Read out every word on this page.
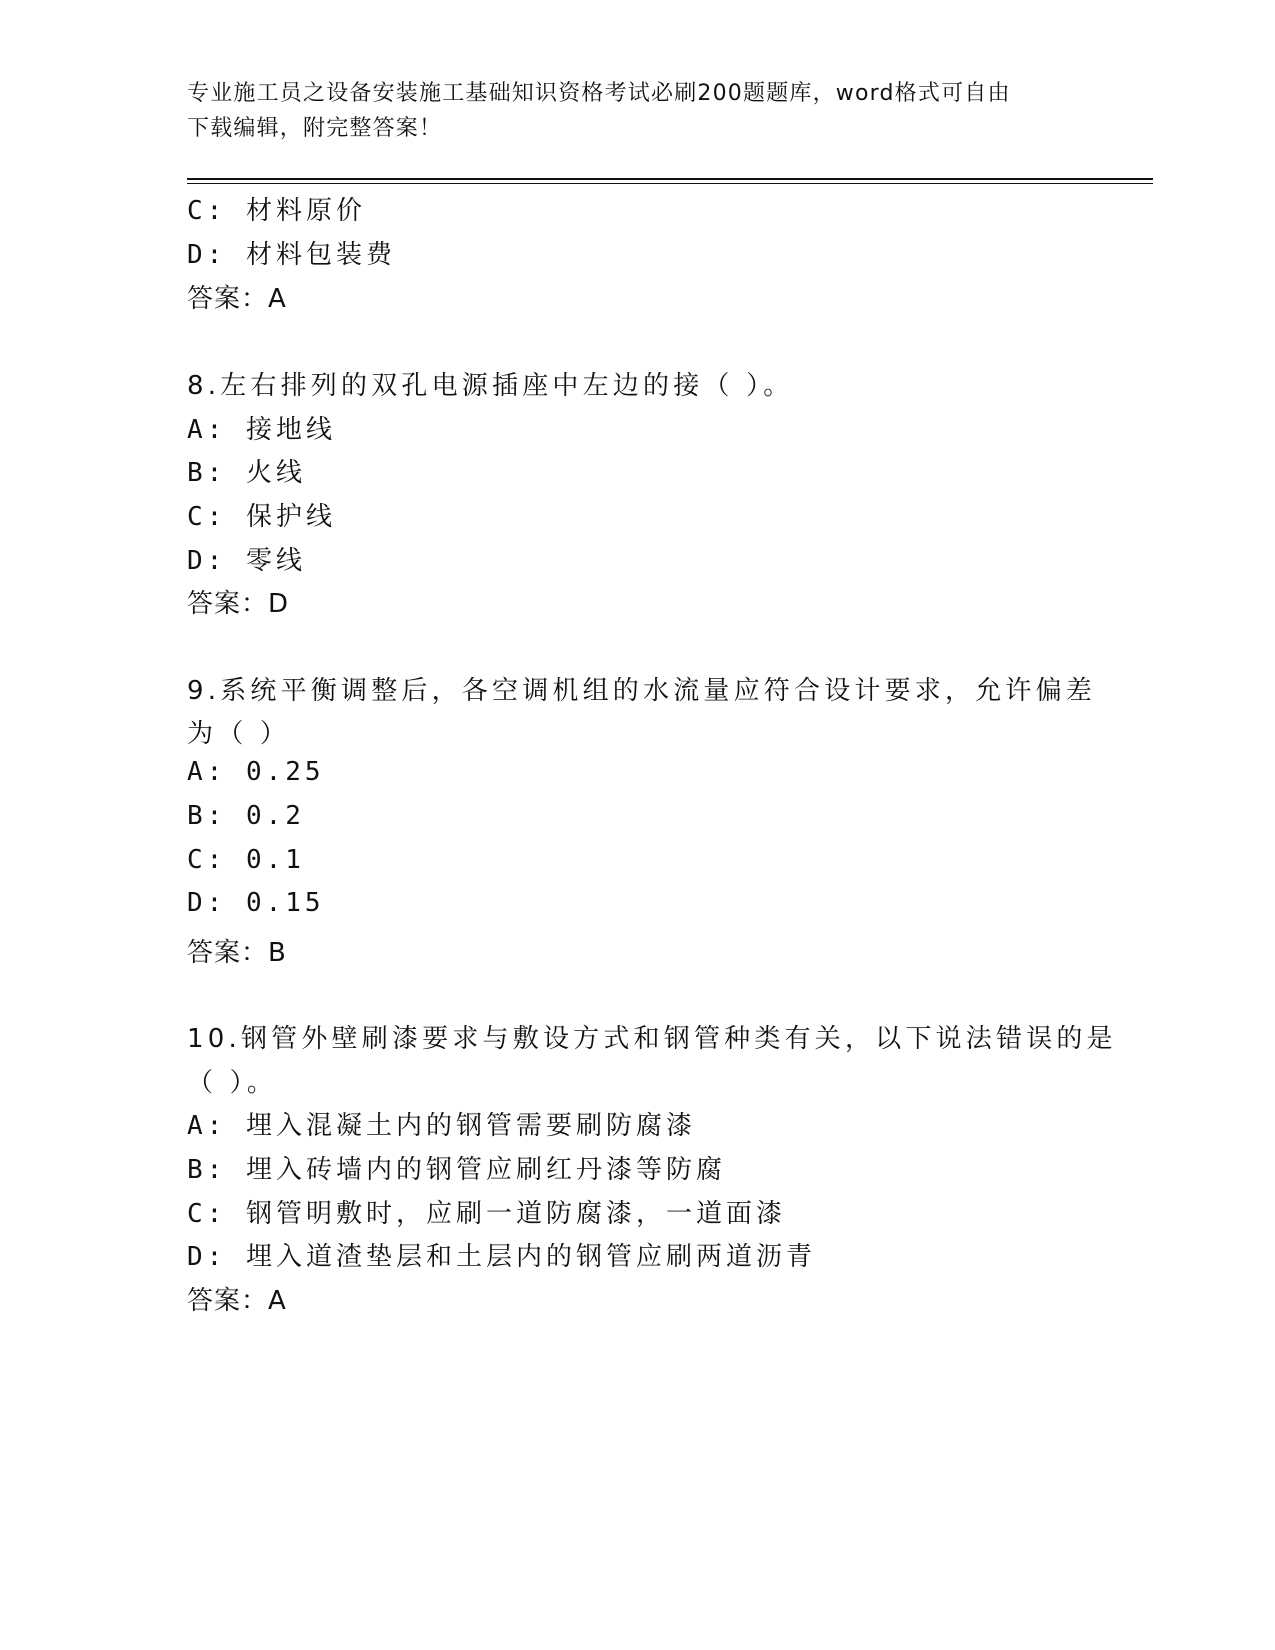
专业施工员之设备安装施工基础知识资格考试必刷200题题库，word格式可自由
下载编辑，附完整答案！
C: 材料原价
D: 材料包装费
答案：A
8.左右排列的双孔电源插座中左边的接（ ）。
A: 接地线
B: 火线
C: 保护线
D: 零线
答案：D
9.系统平衡调整后，各空调机组的水流量应符合设计要求，允许偏差
为（ ）
A: 0.25
B: 0.2
C: 0.1
D: 0.15
答案：B
10.钢管外壁刷漆要求与敷设方式和钢管种类有关，以下说法错误的是
（ ）。
A: 埋入混凝土内的钢管需要刷防腐漆
B: 埋入砖墙内的钢管应刷红丹漆等防腐
C: 钢管明敷时，应刷一道防腐漆，一道面漆
D: 埋入道渣垫层和土层内的钢管应刷两道沥青
答案：A
